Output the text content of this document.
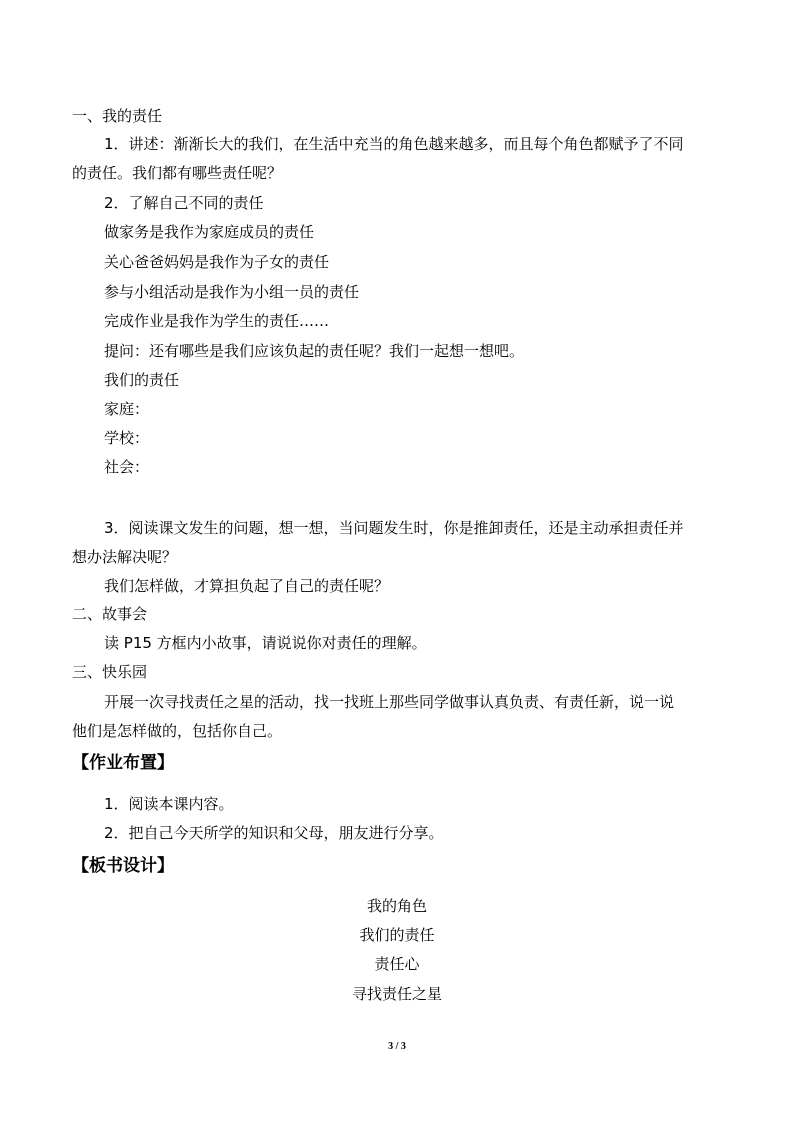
一、我的责任
1．讲述：渐渐长大的我们，在生活中充当的角色越来越多，而且每个角色都赋予了不同
的责任。我们都有哪些责任呢？
2．了解自己不同的责任
做家务是我作为家庭成员的责任
关心爸爸妈妈是我作为子女的责任
参与小组活动是我作为小组一员的责任
完成作业是我作为学生的责任……
提问：还有哪些是我们应该负起的责任呢？我们一起想一想吧。
我们的责任
家庭：
学校：
社会：
3．阅读课文发生的问题，想一想，当问题发生时，你是推卸责任，还是主动承担责任并
想办法解决呢？
我们怎样做，才算担负起了自己的责任呢？
二、故事会
读 P15 方框内小故事，请说说你对责任的理解。
三、快乐园
开展一次寻找责任之星的活动，找一找班上那些同学做事认真负责、有责任新，说一说
他们是怎样做的，包括你自己。
【作业布置】
1．阅读本课内容。
2．把自己今天所学的知识和父母，朋友进行分享。
【板书设计】
我的角色
我们的责任
责任心
寻找责任之星
3 / 3
